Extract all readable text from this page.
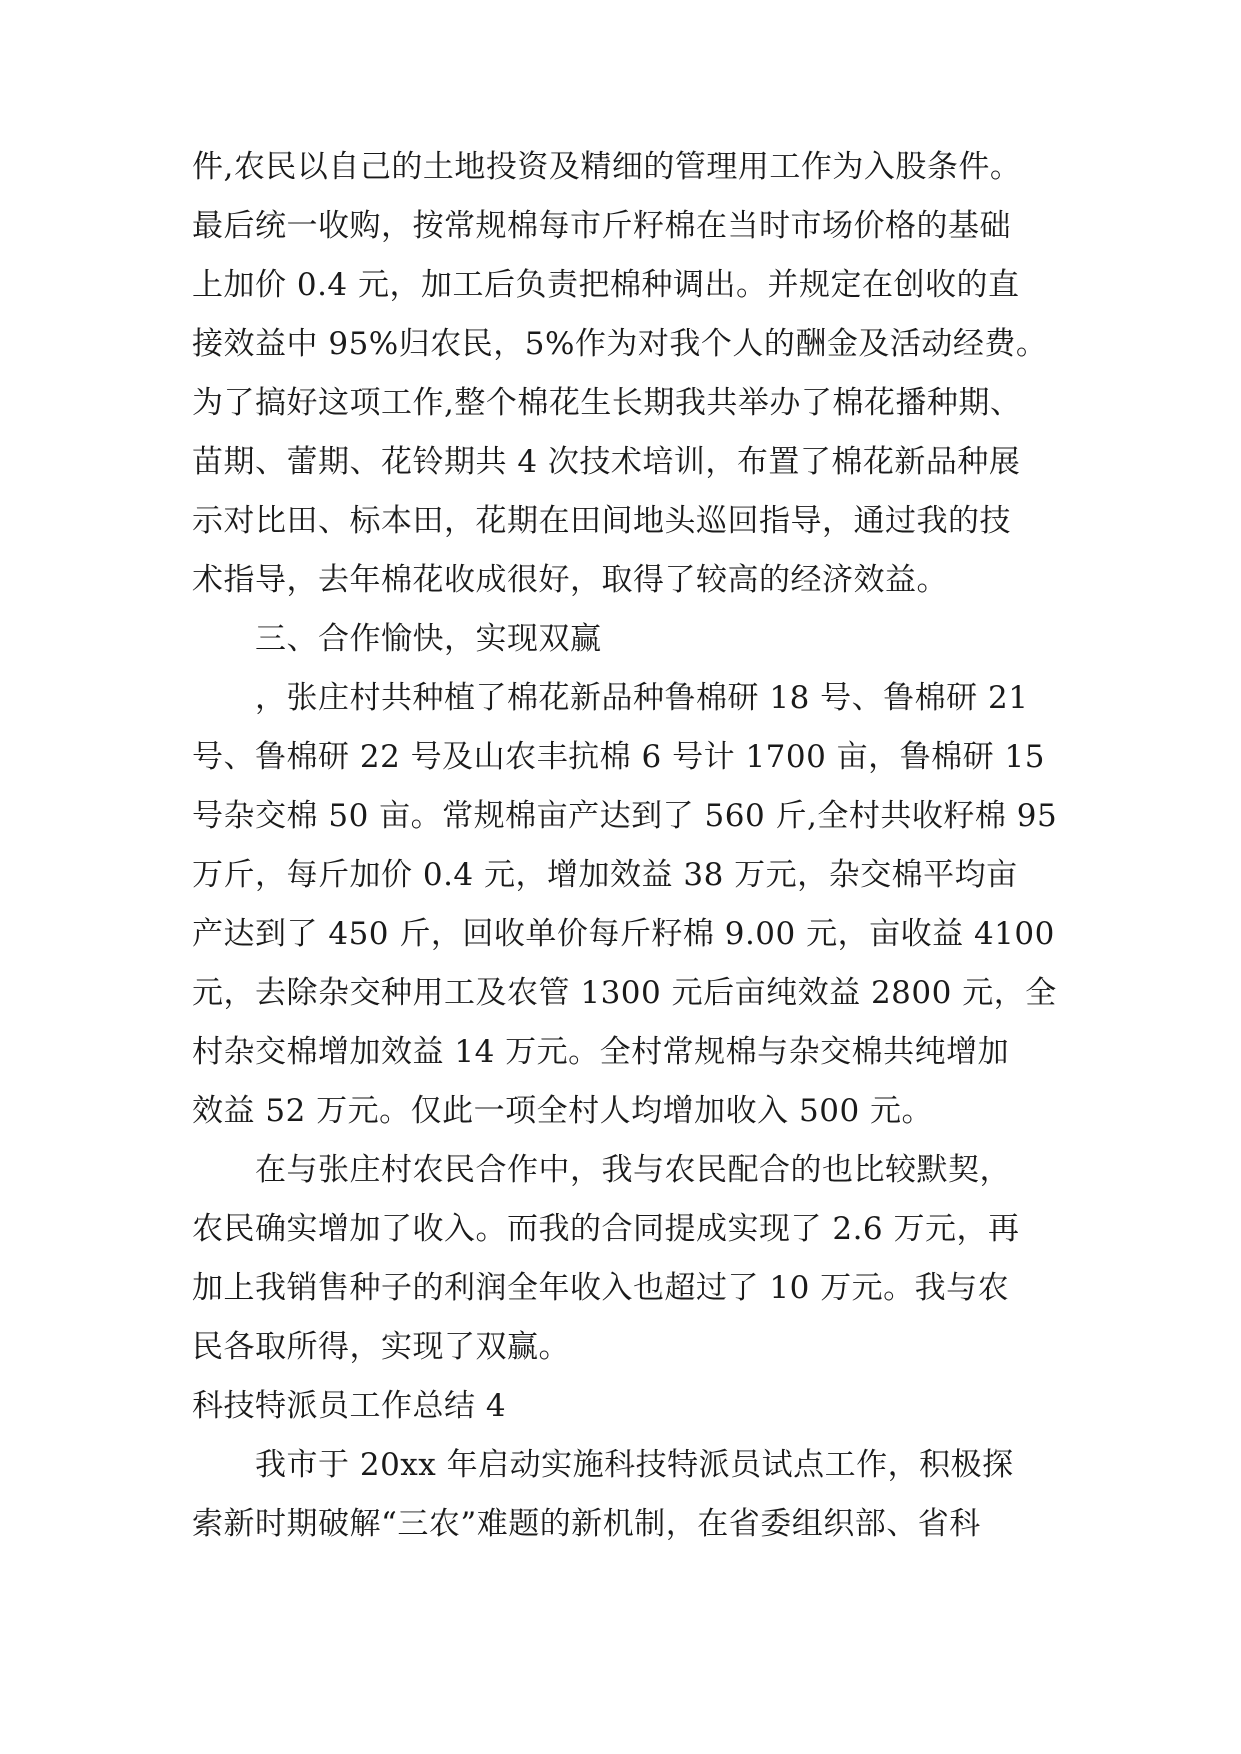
件,农民以自己的土地投资及精细的管理用工作为入股条件。
最后统一收购，按常规棉每市斤籽棉在当时市场价格的基础
上加价 0.4 元，加工后负责把棉种调出。并规定在创收的直
接效益中 95%归农民，5%作为对我个人的酬金及活动经费。
为了搞好这项工作,整个棉花生长期我共举办了棉花播种期、
苗期、蕾期、花铃期共 4 次技术培训，布置了棉花新品种展
示对比田、标本田，花期在田间地头巡回指导，通过我的技
术指导，去年棉花收成很好，取得了较高的经济效益。
三、合作愉快，实现双赢
，张庄村共种植了棉花新品种鲁棉研 18 号、鲁棉研 21
号、鲁棉研 22 号及山农丰抗棉 6 号计 1700 亩，鲁棉研 15
号杂交棉 50 亩。常规棉亩产达到了 560 斤,全村共收籽棉 95
万斤，每斤加价 0.4 元，增加效益 38 万元，杂交棉平均亩
产达到了 450 斤，回收单价每斤籽棉 9.00 元，亩收益 4100
元，去除杂交种用工及农管 1300 元后亩纯效益 2800 元，全
村杂交棉增加效益 14 万元。全村常规棉与杂交棉共纯增加
效益 52 万元。仅此一项全村人均增加收入 500 元。
在与张庄村农民合作中，我与农民配合的也比较默契，
农民确实增加了收入。而我的合同提成实现了 2.6 万元，再
加上我销售种子的利润全年收入也超过了 10 万元。我与农
民各取所得，实现了双赢。
科技特派员工作总结 4
我市于 20xx 年启动实施科技特派员试点工作，积极探
索新时期破解“三农”难题的新机制，在省委组织部、省科
